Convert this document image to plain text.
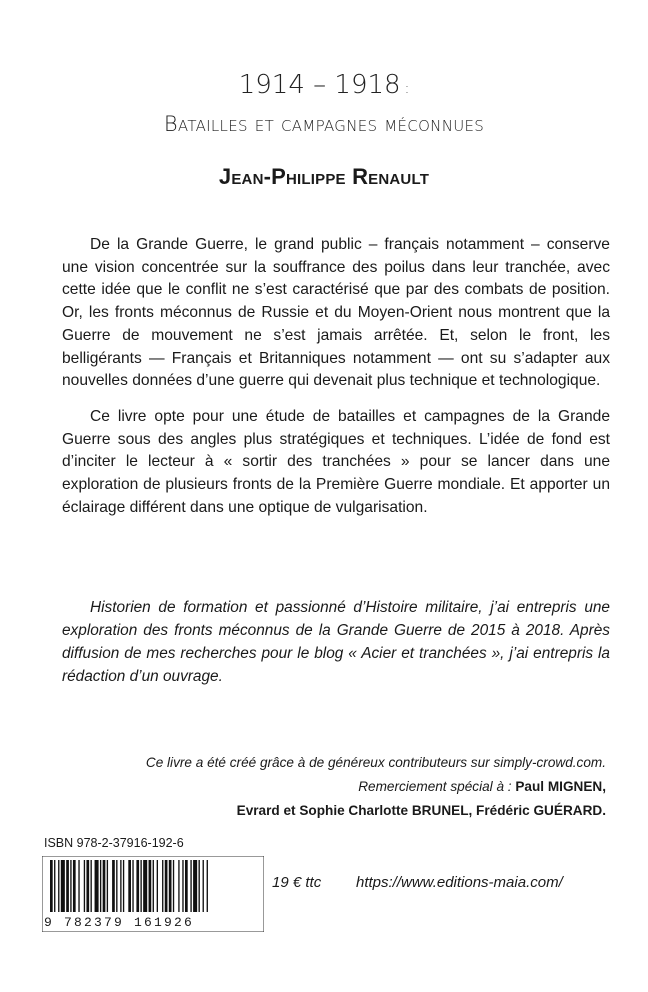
1914 – 1918 :
Batailles et campagnes méconnues
Jean-Philippe Renault

De la Grande Guerre, le grand public – français notamment – conserve une vision concentrée sur la souffrance des poilus dans leur tranchée, avec cette idée que le conflit ne s’est caractérisé que par des combats de position. Or, les fronts méconnus de Russie et du Moyen-Orient nous montrent que la Guerre de mouvement ne s’est jamais arrêtée. Et, selon le front, les belligérants — Français et Britanniques notamment — ont su s’adapter aux nouvelles données d’une guerre qui devenait plus technique et technologique.

Ce livre opte pour une étude de batailles et campagnes de la Grande Guerre sous des angles plus stratégiques et techniques. L’idée de fond est d’inciter le lecteur à « sortir des tranchées » pour se lancer dans une exploration de plusieurs fronts de la Première Guerre mondiale. Et apporter un éclairage différent dans une optique de vulgarisation.

Historien de formation et passionné d’Histoire militaire, j’ai entrepris une exploration des fronts méconnus de la Grande Guerre de 2015 à 2018. Après diffusion de mes recherches pour le blog « Acier et tranchées », j’ai entrepris la rédaction d’un ouvrage.
Ce livre a été créé grâce à de généreux contributeurs sur simply-crowd.com.
Remerciement spécial à : Paul MIGNEN,
Evrard et Sophie Charlotte BRUNEL, Frédéric GUÉRARD.
ISBN 978-2-37916-192-6
9 782379 161926
19 € ttc https://www.editions-maia.com/
